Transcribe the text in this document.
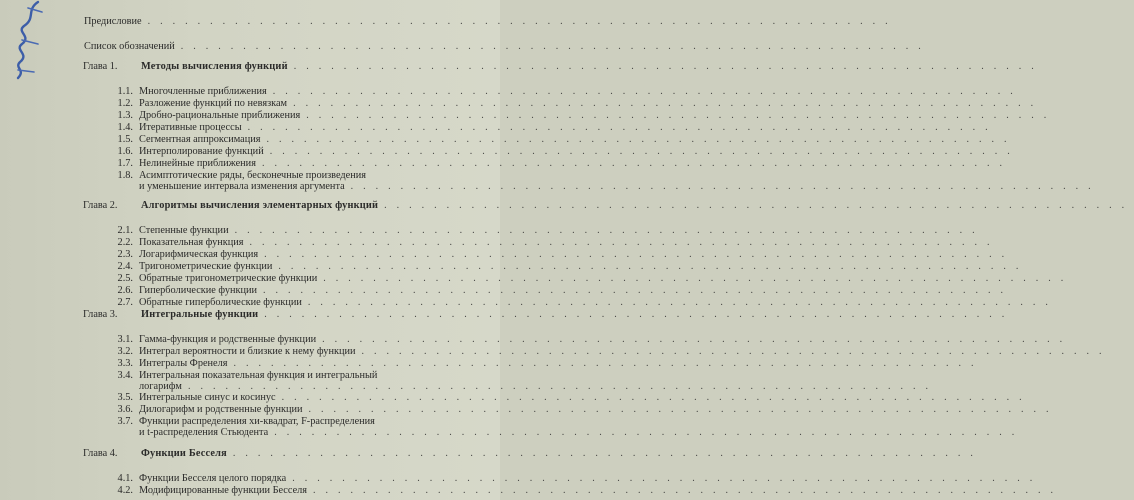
Предисловие ............................................................
Список обозначений ............................................................
Глава 1. Методы вычисления функций ............................................................
1.1. Многочленные приближения ............................................................
1.2. Разложение функций по невязкам ............................................................
1.3. Дробно-рациональные приближения ............................................................
1.4. Итеративные процессы ............................................................
1.5. Сегментная аппроксимация ............................................................
1.6. Интерполирование функций ............................................................
1.7. Нелинейные приближения ............................................................
1.8. Асимптотические ряды, бесконечные произведения
и уменьшение интервала изменения аргумента ............................................................
Глава 2. Алгоритмы вычисления элементарных функций ............................................................
2.1. Степенные функции ............................................................
2.2. Показательная функция ............................................................
2.3. Логарифмическая функция ............................................................
2.4. Тригонометрические функции ............................................................
2.5. Обратные тригонометрические функции ............................................................
2.6. Гиперболические функции ............................................................
2.7. Обратные гиперболические функции ............................................................
Глава 3. Интегральные функции ............................................................
3.1. Гамма-функция и родственные функции ............................................................
3.2. Интеграл вероятности и близкие к нему функции ............................................................
3.3. Интегралы Френеля ............................................................
3.4. Интегральная показательная функция и интегральный
логарифм ............................................................
3.5. Интегральные синус и косинус ............................................................
3.6. Дилогарифм и родственные функции ............................................................
3.7. Функции распределения хи-квадрат, F-распределения
и t-распределения Стьюдента ............................................................
Глава 4. Функции Бесселя ............................................................
4.1. Функции Бесселя целого порядка ............................................................
4.2. Модифицированные функции Бесселя ............................................................
